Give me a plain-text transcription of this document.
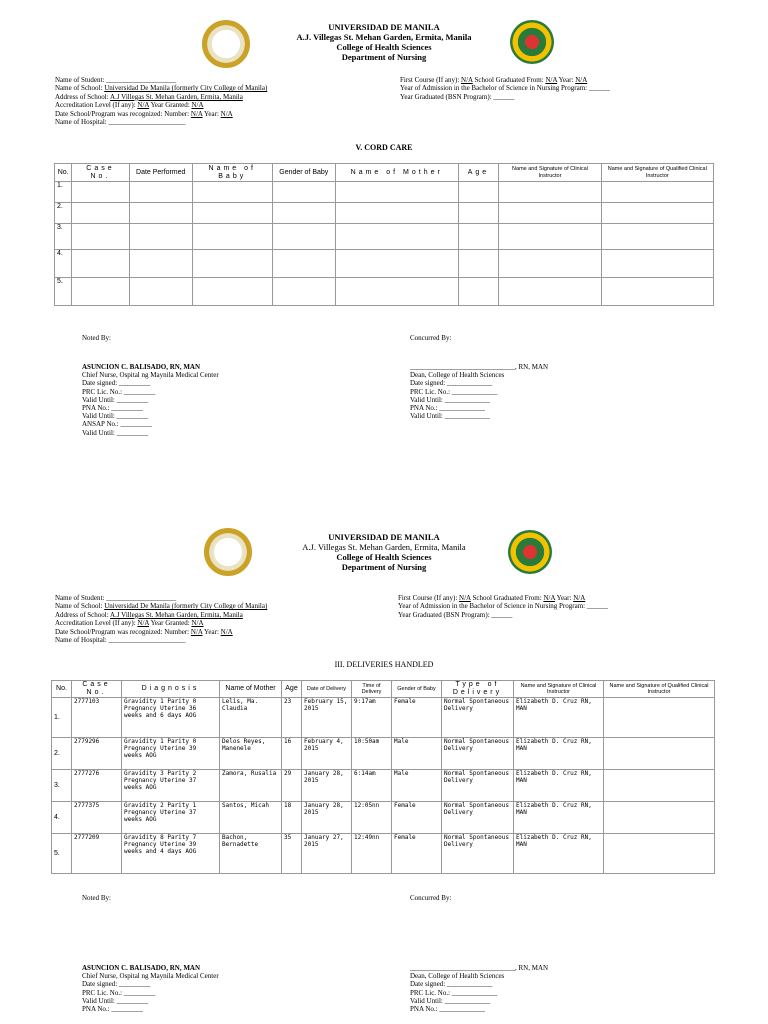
UNIVERSIDAD DE MANILA
A.J. Villegas St. Mehan Garden, Ermita, Manila
College of Health Sciences
Department of Nursing
Name of Student: ____________________
Name of School: Universidad De Manila (formerly City College of Manila)
Address of School: A.J Villegas St. Mehan Garden, Ermita, Manila
Accreditation Level (If any): N/A Year Granted: N/A
Date School/Program was recognized: Number: N/A Year: N/A
Name of Hospital: ______________________
First Course (If any): N/A School Graduated From: N/A Year: N/A
Year of Admission in the Bachelor of Science in Nursing Program: ______
Year Graduated (BSN Program): ______
V. CORD CARE
No.	Case No.	Date Performed	Name of Baby	Gender of Baby	Name of Mother	Age	Name and Signature of Clinical Instructor	Name and Signature of Qualified Clinical Instructor
1.								
2.								
3.								
4.								
5.								
Noted By:	Concurred By:
ASUNCION C. BALISADO, RN, MAN
Chief Nurse, Ospital ng Maynila Medical Center
Date signed: _________
PRC Lic. No.: _________
Valid Until: _________
PNA No.: _________
Valid Until: _________
ANSAP No.: _________
Valid Until: _________
______________________________, RN, MAN
Dean, College of Health Sciences
Date signed: _____________
PRC Lic. No.: _____________
Valid Until: _____________
PNA No.: _____________
Valid Until: _____________
UNIVERSIDAD DE MANILA
A.J. Villegas St. Mehan Garden, Ermita, Manila
College of Health Sciences
Department of Nursing
Name of Student: ____________________
Name of School: Universidad De Manila (formerly City College of Manila)
Address of School: A.J Villegas St. Mehan Garden, Ermita, Manila
Accreditation Level (If any): N/A Year Granted: N/A
Date School/Program was recognized: Number: N/A Year: N/A
Name of Hospital: ______________________
First Course (If any): N/A School Graduated From: N/A Year: N/A
Year of Admission in the Bachelor of Science in Nursing Program: ______
Year Graduated (BSN Program): ______
III. DELIVERIES HANDLED
No.	Case No.	Diagnosis	Name of Mother	Age	Date of Delivery	Time of Delivery	Gender of Baby	Type of Delivery	Name and Signature of Clinical Instructor	Name and Signature of Qualified Clinical Instructor
1.	2777103	Gravidity 1 Parity 0 Pregnancy Uterine 36 weeks and 6 days AOG	Lelis, Ma. Claudia	23	February 15, 2015	9:17am	Female	Normal Spontaneous Delivery	Elizabeth D. Cruz RN, MAN	
2.	2779296	Gravidity 1 Parity 0 Pregnancy Uterine 39 weeks AOG	Delos Reyes, Manenele	16	February 4, 2015	10:50am	Male	Normal Spontaneous Delivery	Elizabeth D. Cruz RN, MAN	
3.	2777276	Gravidity 3 Parity 2 Pregnancy Uterine 37 weeks AOG	Zamora, Rusalia	29	January 28, 2015	6:14am	Male	Normal Spontaneous Delivery	Elizabeth D. Cruz RN, MAN	
4.	2777375	Gravidity 2 Parity 1 Pregnancy Uterine 37 weeks AOG	Santos, Micah	18	January 28, 2015	12:05nn	Female	Normal Spontaneous Delivery	Elizabeth D. Cruz RN, MAN	
5.	2777209	Gravidity 8 Parity 7 Pregnancy Uterine 39 weeks and 4 days AOG	Bachon, Bernadette	35	January 27, 2015	12:49nn	Female	Normal Spontaneous Delivery	Elizabeth D. Cruz RN, MAN	
Noted By:	Concurred By:
ASUNCION C. BALISADO, RN, MAN
Chief Nurse, Ospital ng Maynila Medical Center
Date signed: _________
PRC Lic. No.: _________
Valid Until: _________
PNA No.: _________
______________________________, RN, MAN
Dean, College of Health Sciences
Date signed: _____________
PRC Lic. No.: _____________
Valid Until: _____________
PNA No.: _____________
